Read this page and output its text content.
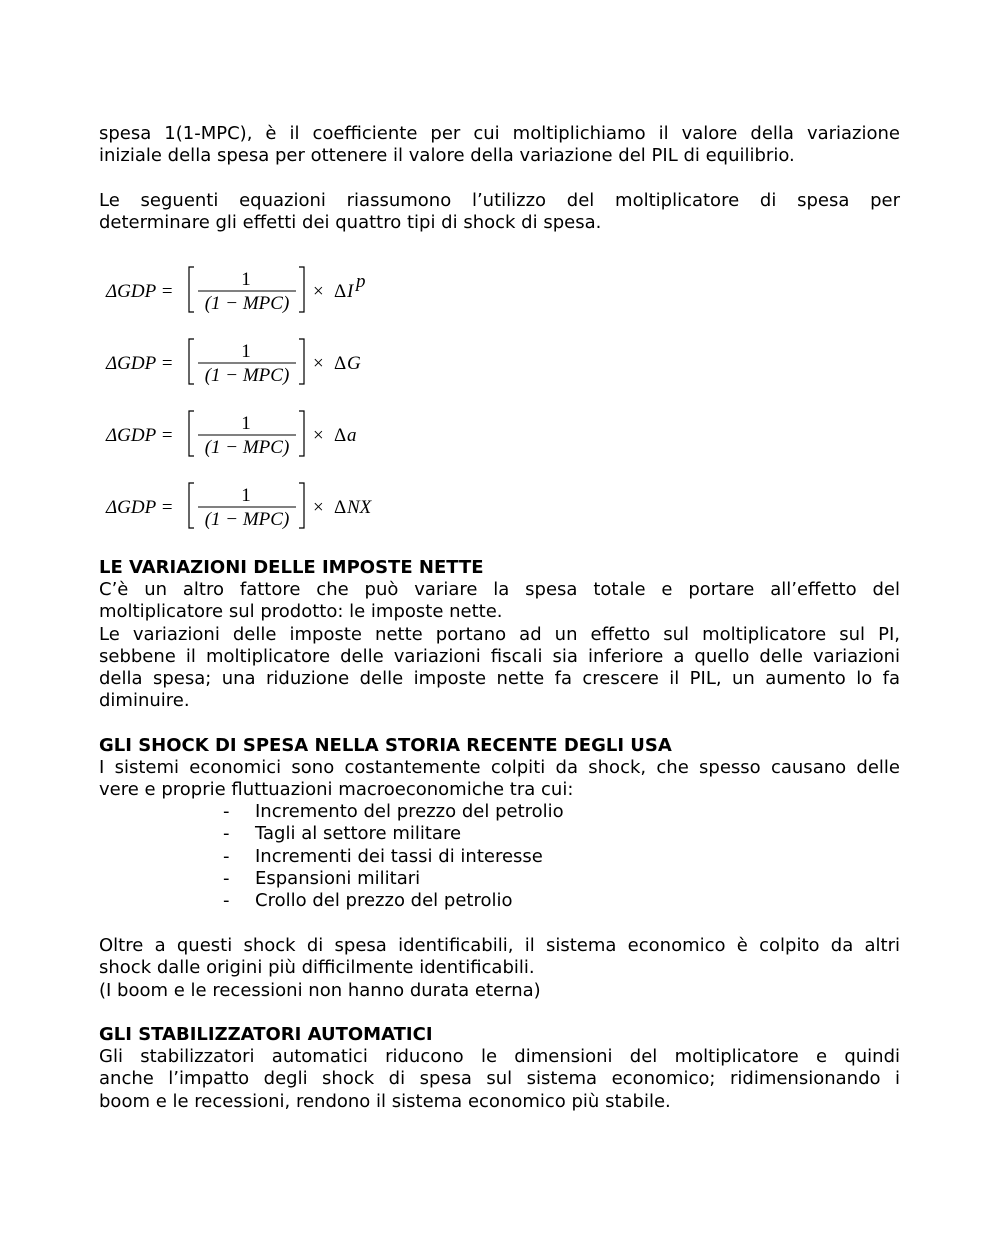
spesa 1(1-MPC), è il coefficiente per cui moltiplichiamo il valore della variazione
iniziale della spesa per ottenere il valore della variazione del PIL di equilibrio.

Le seguenti equazioni riassumono l’utilizzo del moltiplicatore di spesa per
determinare gli effetti dei quattro tipi di shock di spesa.

ΔGDP =
1
(1 − MPC)
× Δ I p
ΔGDP =
1
(1 − MPC)
× Δ G
ΔGDP =
1
(1 − MPC)
× Δ a
ΔGDP =
1
(1 − MPC)
× Δ NX
LE VARIAZIONI DELLE IMPOSTE NETTE

C’è un altro fattore che può variare la spesa totale e portare all’effetto del
moltiplicatore sul prodotto: le imposte nette.
Le variazioni delle imposte nette portano ad un effetto sul moltiplicatore sul PI,
sebbene il moltiplicatore delle variazioni fiscali sia inferiore a quello delle variazioni
della spesa; una riduzione delle imposte nette fa crescere il PIL, un aumento lo fa
diminuire.

GLI SHOCK DI SPESA NELLA STORIA RECENTE DEGLI USA

I sistemi economici sono costantemente colpiti da shock, che spesso causano delle
vere e proprie fluttuazioni macroeconomiche tra cui:

-	Incremento del prezzo del petrolio
-	Tagli al settore militare
-	Incrementi dei tassi di interesse
-	Espansioni militari
-	Crollo del prezzo del petrolio

Oltre a questi shock di spesa identificabili, il sistema economico è colpito da altri
shock dalle origini più difficilmente identificabili.
(I boom e le recessioni non hanno durata eterna)

GLI STABILIZZATORI AUTOMATICI

Gli stabilizzatori automatici riducono le dimensioni del moltiplicatore e quindi
anche l’impatto degli shock di spesa sul sistema economico; ridimensionando i
boom e le recessioni, rendono il sistema economico più stabile.
